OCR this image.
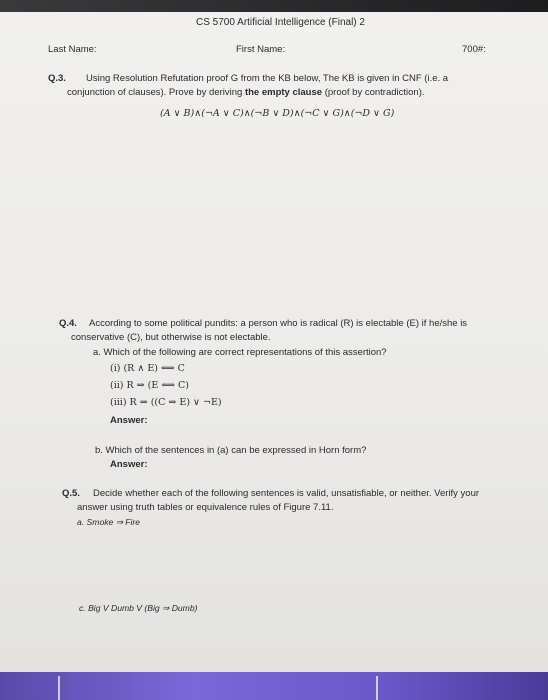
CS 5700 Artificial Intelligence (Final) 2
Last Name:	First Name:	700#:
Q.3. Using Resolution Refutation proof G from the KB below, The KB is given in CNF (i.e. a
conjunction of clauses). Prove by deriving the empty clause (proof by contradiction).
(A ∨ B)∧(¬A ∨ C)∧(¬B ∨ D)∧(¬C ∨ G)∧(¬D ∨ G)
Q.4. According to some political pundits: a person who is radical (R) is electable (E) if he/she is
conservative (C), but otherwise is not electable.
a. Which of the following are correct representations of this assertion?
(i) (R ∧ E) ⟺ C
(ii) R ⇒ (E ⟺ C)
(iii) R ⇒ ((C ⇒ E) ∨ ¬E)
Answer:
b. Which of the sentences in (a) can be expressed in Horn form?
Answer:
Q.5. Decide whether each of the following sentences is valid, unsatisfiable, or neither. Verify your
answer using truth tables or equivalence rules of Figure 7.11.
a. Smoke ⇒ Fire
c. Big V Dumb V (Big ⇒ Dumb)
